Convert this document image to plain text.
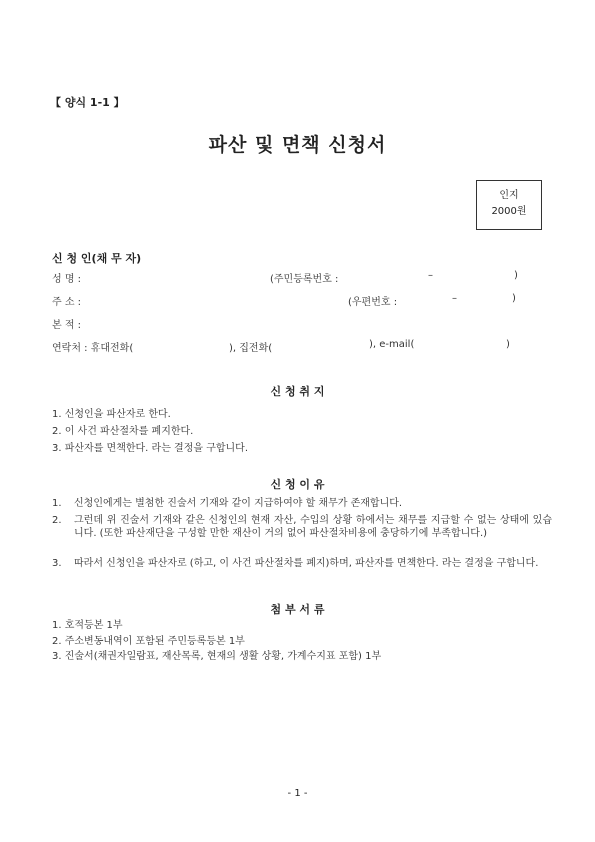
【 양식 1-1 】
파산 및 면책 신청서
인지
2000원
신 청 인(채 무 자)
성 명 :	(주민등록번호 :	–	)
주 소 :	(우편번호 :	–	)
본 적 :
연락처 : 휴대전화(	), 집전화(	), e-mail(	)
신 청 취 지
1. 신청인을 파산자로 한다.
2. 이 사건 파산절차를 폐지한다.
3. 파산자를 면책한다. 라는 결정을 구합니다.
신 청 이 유
1. 신청인에게는 별첨한 진술서 기재와 같이 지급하여야 할 채무가 존재합니다.
2. 그런데 위 진술서 기재와 같은 신청인의 현재 자산, 수입의 상황 하에서는 채무를 지급할 수 없는 상태에 있습니다. (또한 파산재단을 구성할 만한 재산이 거의 없어 파산절차비용에 충당하기에 부족합니다.)
3. 따라서 신청인을 파산자로 (하고, 이 사건 파산절차를 폐지)하며, 파산자를 면책한다. 라는 결정을 구합니다.
첨 부 서 류
1. 호적등본 1부
2. 주소변동내역이 포함된 주민등록등본 1부
3. 진술서(채권자일람표, 재산목록, 현재의 생활 상황, 가계수지표 포함) 1부
- 1 -
